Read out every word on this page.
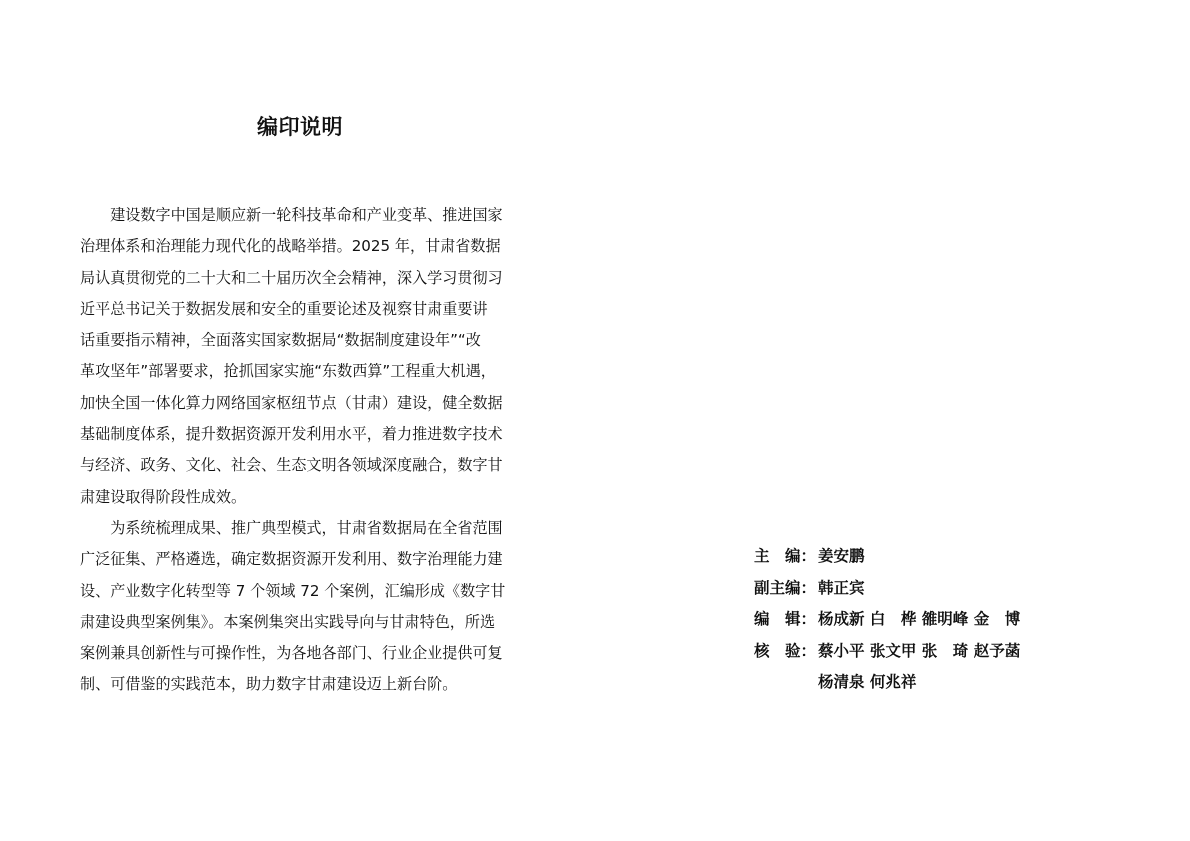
编印说明

　　建设数字中国是顺应新一轮科技革命和产业变革、推进国家
治理体系和治理能力现代化的战略举措。2025 年，甘肃省数据
局认真贯彻党的二十大和二十届历次全会精神，深入学习贯彻习
近平总书记关于数据发展和安全的重要论述及视察甘肃重要讲
话重要指示精神，全面落实国家数据局“数据制度建设年”“改
革攻坚年”部署要求，抢抓国家实施“东数西算”工程重大机遇，
加快全国一体化算力网络国家枢纽节点（甘肃）建设，健全数据
基础制度体系，提升数据资源开发利用水平，着力推进数字技术
与经济、政务、文化、社会、生态文明各领域深度融合，数字甘
肃建设取得阶段性成效。

　　为系统梳理成果、推广典型模式，甘肃省数据局在全省范围
广泛征集、严格遴选，确定数据资源开发利用、数字治理能力建
设、产业数字化转型等 7 个领域 72 个案例，汇编形成《数字甘
肃建设典型案例集》。本案例集突出实践导向与甘肃特色，所选
案例兼具创新性与可操作性，为各地各部门、行业企业提供可复
制、可借鉴的实践范本，助力数字甘肃建设迈上新台阶。

主　编： 姜安鹏
副主编： 韩正宾
编　辑： 杨成新 白　桦 雒明峰 金　博
核　验： 蔡小平 张文甲 张　琦 赵予菡
杨清泉 何兆祥
